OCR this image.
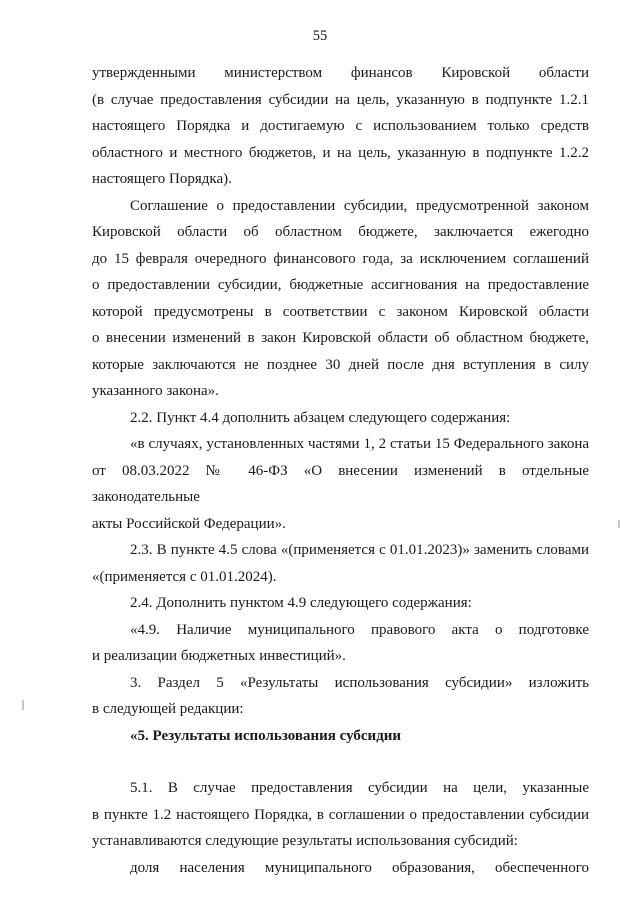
55

утвержденными министерством финансов Кировской области
(в случае предоставления субсидии на цель, указанную в подпункте 1.2.1
настоящего Порядка и достигаемую с использованием только средств
областного и местного бюджетов, и на цель, указанную в подпункте 1.2.2
настоящего Порядка).

Соглашение о предоставлении субсидии, предусмотренной законом
Кировской области об областном бюджете, заключается ежегодно
до 15 февраля очередного финансового года, за исключением соглашений
о предоставлении субсидии, бюджетные ассигнования на предоставление
которой предусмотрены в соответствии с законом Кировской области
о внесении изменений в закон Кировской области об областном бюджете,
которые заключаются не позднее 30 дней после дня вступления в силу
указанного закона».

2.2. Пункт 4.4 дополнить абзацем следующего содержания:

«в случаях, установленных частями 1, 2 статьи 15 Федерального закона
от 08.03.2022 № 46-ФЗ «О внесении изменений в отдельные законодательные
акты Российской Федерации».

2.3. В пункте 4.5 слова «(применяется с 01.01.2023)» заменить словами
«(применяется с 01.01.2024).

2.4. Дополнить пунктом 4.9 следующего содержания:

«4.9. Наличие муниципального правового акта о подготовке
и реализации бюджетных инвестиций».

3. Раздел 5 «Результаты использования субсидии» изложить
в следующей редакции:

«5. Результаты использования субсидии

5.1. В случае предоставления субсидии на цели, указанные
в пункте 1.2 настоящего Порядка, в соглашении о предоставлении субсидии
устанавливаются следующие результаты использования субсидий:

доля населения муниципального образования, обеспеченного
